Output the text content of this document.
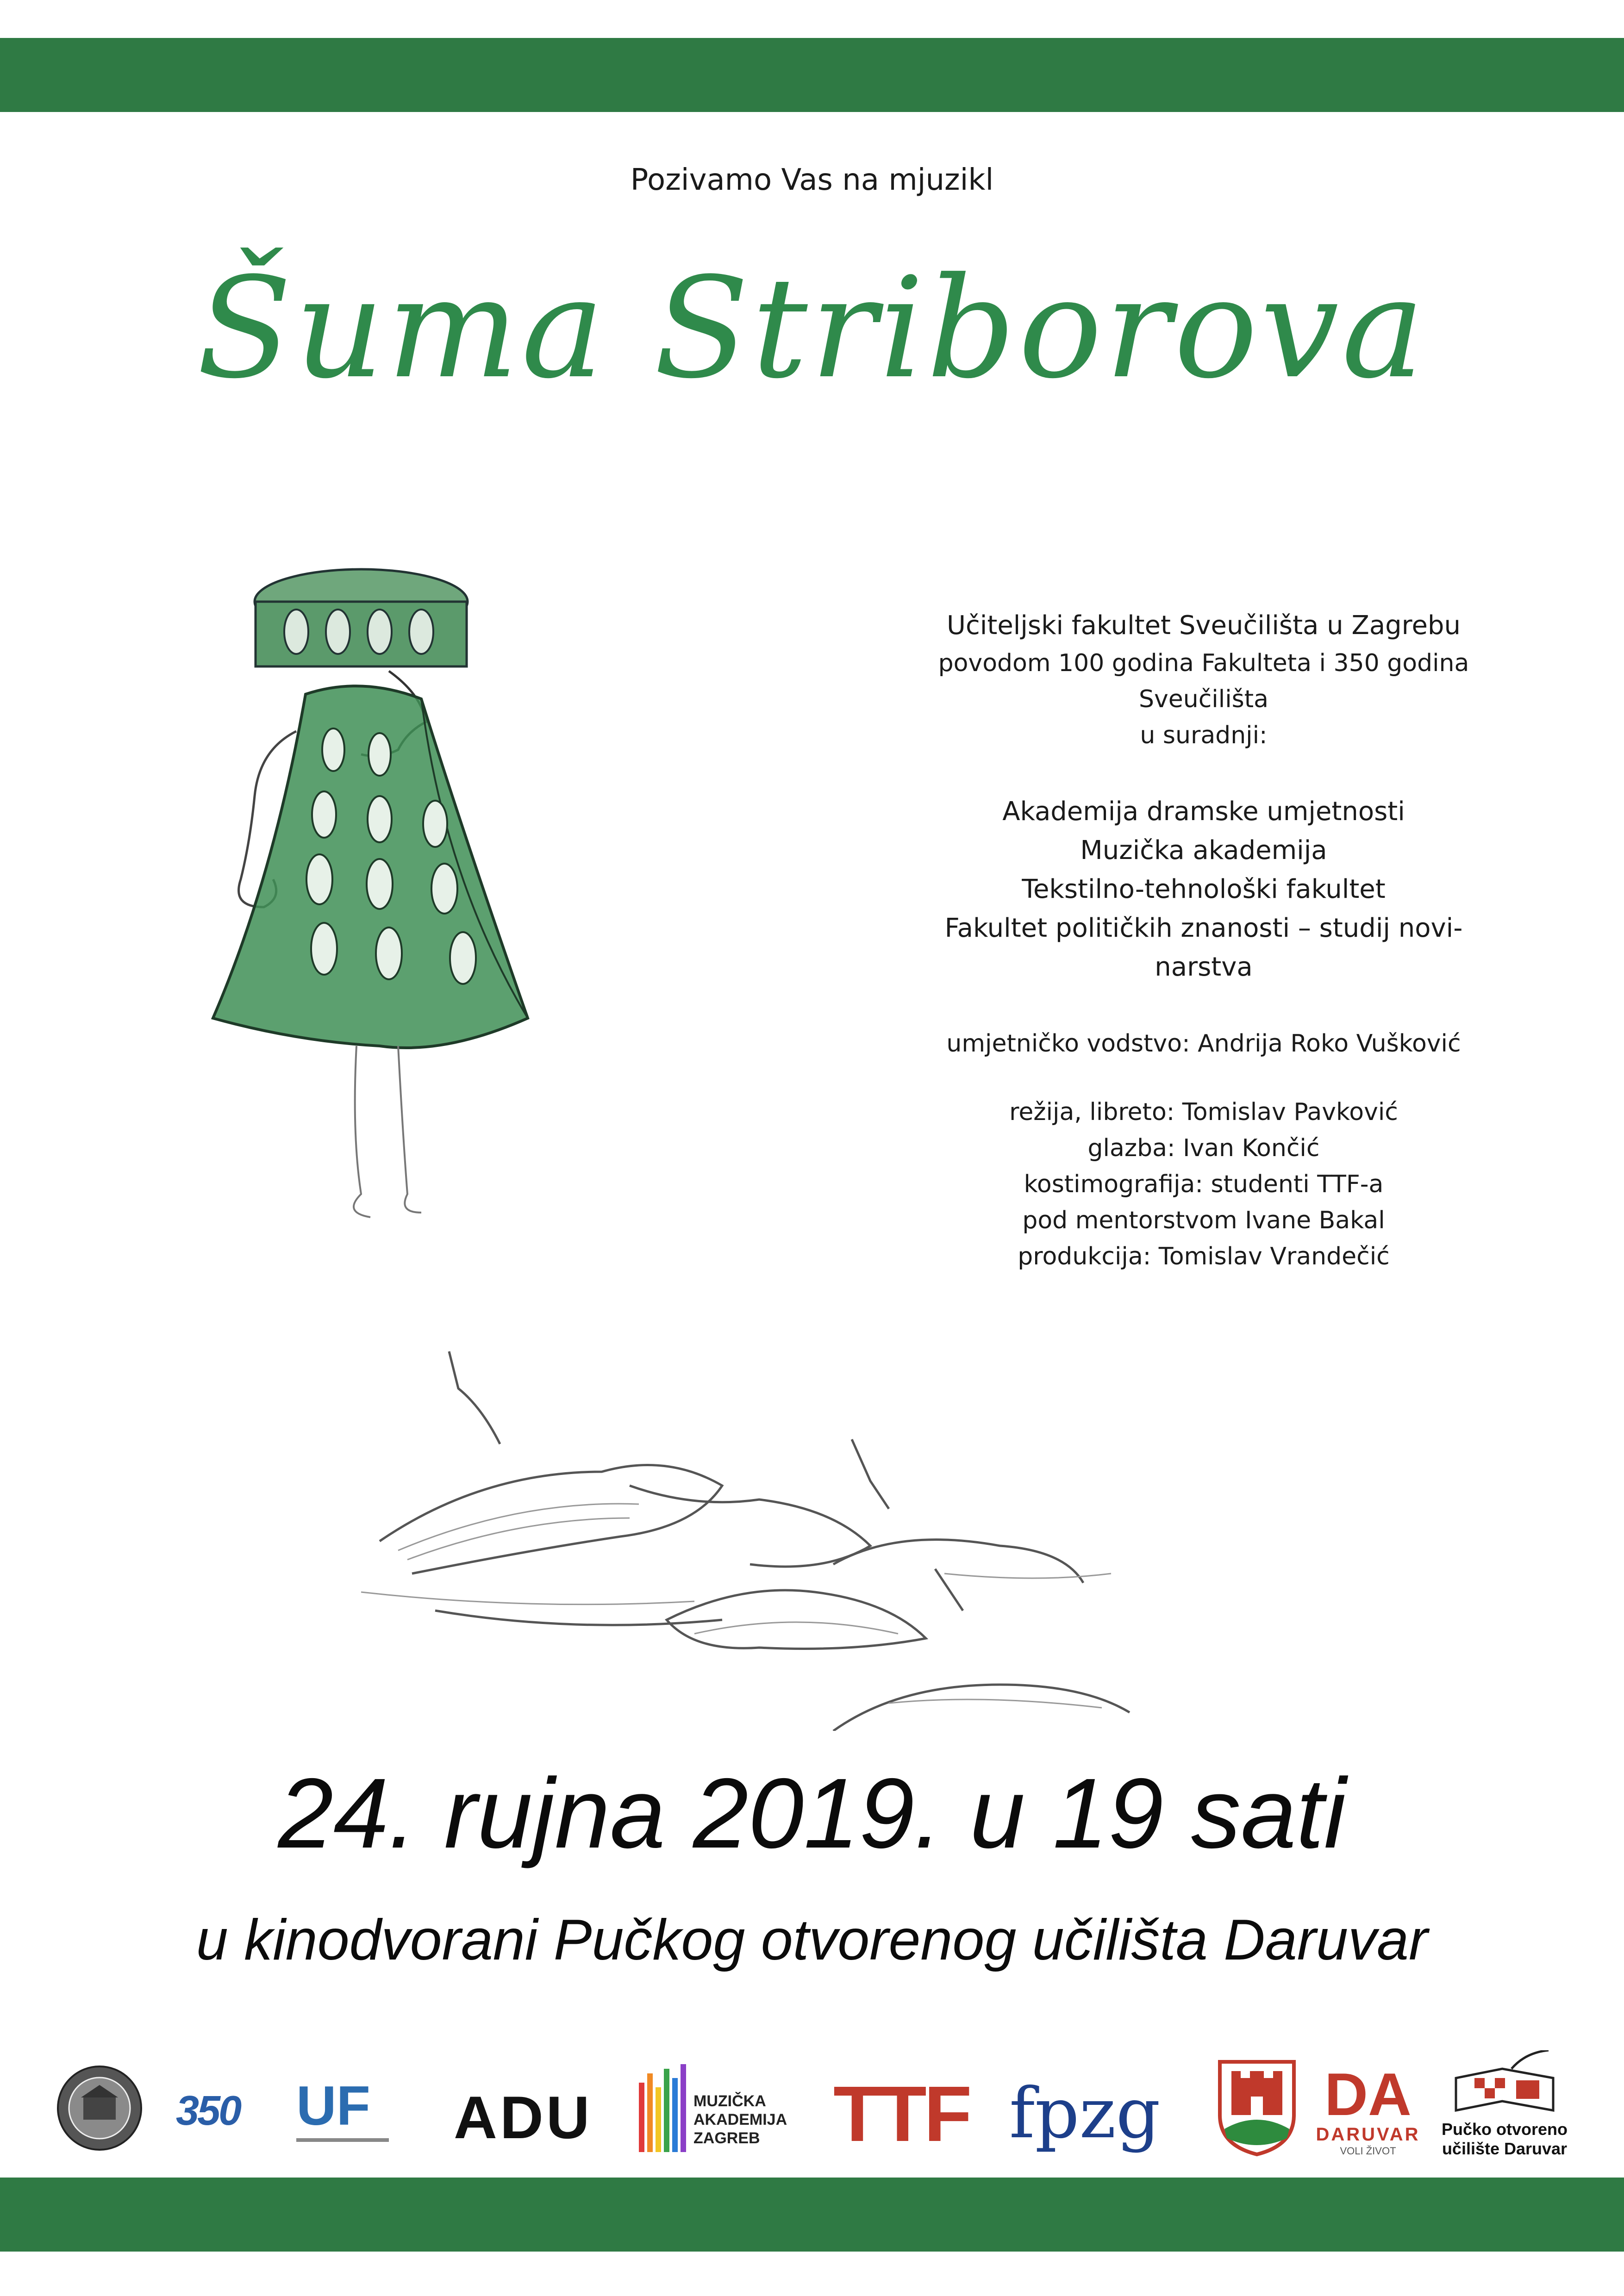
Pozivamo Vas na mjuzikl
Šuma Striborova
Učiteljski fakultet Sveučilišta u Zagrebu
povodom 100 godina Fakulteta i 350 godina
Sveučilišta
u suradnji:
Akademija dramske umjetnosti
Muzička akademija
Tekstilno-tehnološki fakultet
Fakultet političkih znanosti – studij novi-
narstva
umjetničko vodstvo: Andrija Roko Vušković
režija, libreto: Tomislav Pavković
glazba: Ivan Končić
kostimografija: studenti TTF-a
pod mentorstvom Ivane Bakal
produkcija: Tomislav Vrandečić
24. rujna 2019. u 19 sati
u kinodvorani Pučkog otvorenog učilišta Daruvar
350 UF	ADU	MUZIČKA
AKADEMIJA
ZAGREB TTF fpzg	DA
DARUVAR
VOLI ŽIVOT
Pučko otvoreno
učilište Daruvar
